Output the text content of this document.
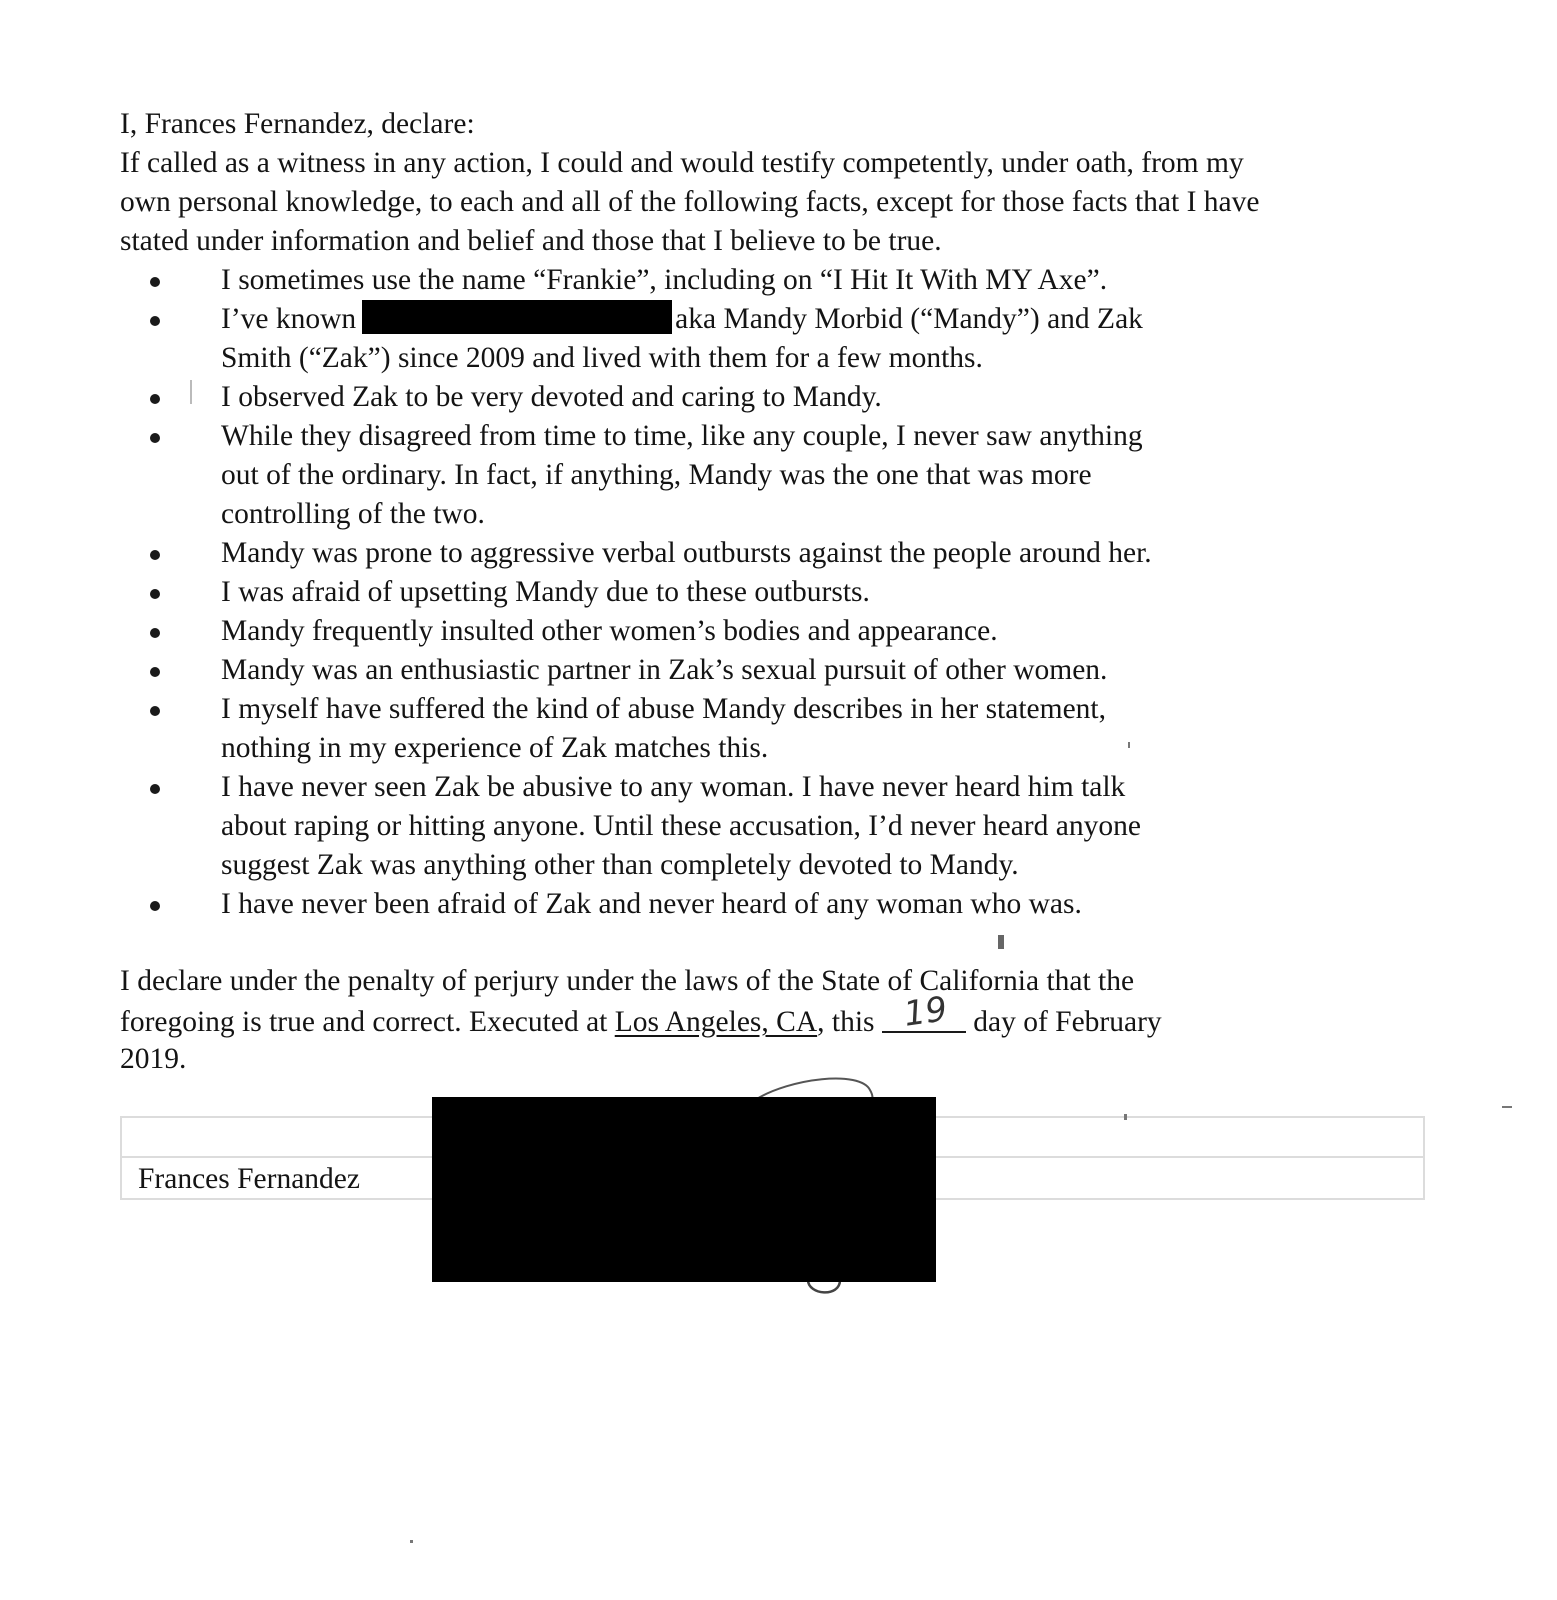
I, Frances Fernandez, declare:
If called as a witness in any action, I could and would testify competently, under oath, from my
own personal knowledge, to each and all of the following facts, except for those facts that I have
stated under information and belief and those that I believe to be true.
I sometimes use the name “Frankie”, including on “I Hit It With MY Axe”.
I’ve known	aka Mandy Morbid (“Mandy”) and Zak
Smith (“Zak”) since 2009 and lived with them for a few months.
I observed Zak to be very devoted and caring to Mandy.
While they disagreed from time to time, like any couple, I never saw anything
out of the ordinary. In fact, if anything, Mandy was the one that was more
controlling of the two.
Mandy was prone to aggressive verbal outbursts against the people around her.
I was afraid of upsetting Mandy due to these outbursts.
Mandy frequently insulted other women’s bodies and appearance.
Mandy was an enthusiastic partner in Zak’s sexual pursuit of other women.
I myself have suffered the kind of abuse Mandy describes in her statement,
nothing in my experience of Zak matches this.
I have never seen Zak be abusive to any woman. I have never heard him talk
about raping or hitting anyone. Until these accusation, I’d never heard anyone
suggest Zak was anything other than completely devoted to Mandy.
I have never been afraid of Zak and never heard of any woman who was.
I declare under the penalty of perjury under the laws of the State of California that the
foregoing is true and correct. Executed at Los Angeles, CA, this 19 day of February
2019.
Frances Fernandez
